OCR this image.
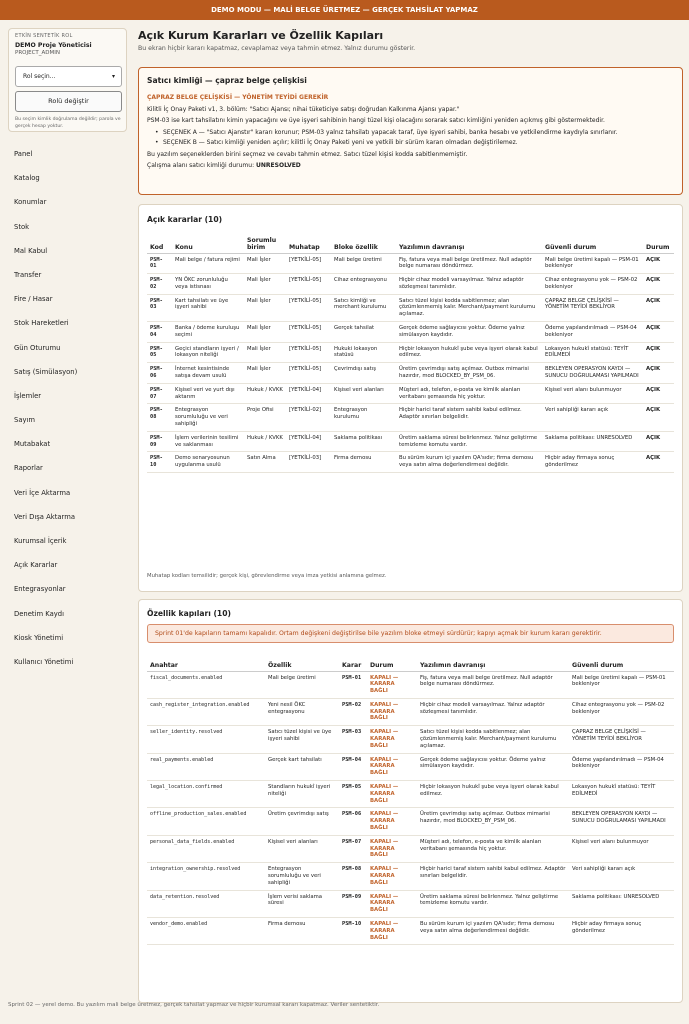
DEMO MODU — MALİ BELGE ÜRETMEZ — GERÇEK TAHSİLAT YAPMAZ
ETKİN SENTETİK ROL
DEMO Proje Yöneticisi
PROJECT_ADMIN
Rol seçin...	▾
Rolü değiştir
Bu seçim kimlik doğrulama değildir; parola ve gerçek hesap yoktur.
Panel
Katalog
Konumlar
Stok
Mal Kabul
Transfer
Fire / Hasar
Stok Hareketleri
Gün Oturumu
Satış (Simülasyon)
İşlemler
Sayım
Mutabakat
Raporlar
Veri İçe Aktarma
Veri Dışa Aktarma
Kurumsal İçerik
Açık Kararlar
Entegrasyonlar
Denetim Kaydı
Kiosk Yönetimi
Kullanıcı Yönetimi
Açık Kurum Kararları ve Özellik Kapıları
Bu ekran hiçbir kararı kapatmaz, cevaplamaz veya tahmin etmez. Yalnız durumu gösterir.
Satıcı kimliği — çapraz belge çelişkisi
ÇAPRAZ BELGE ÇELİŞKİSİ — YÖNETİM TEYİDİ GEREKİR
Kilitli İç Onay Paketi v1, 3. bölüm: "Satıcı Ajansı; nihai tüketiciye satışı doğrudan Kalkınma Ajansı yapar."
PSM-03 ise kart tahsilatını kimin yapacağını ve üye işyeri sahibinin hangi tüzel kişi olacağını sorarak satıcı kimliğini yeniden açıkmış gibi göstermektedir.
• SEÇENEK A — "Satıcı Ajanstır" kararı korunur; PSM-03 yalnız tahsilatı yapacak taraf, üye işyeri sahibi, banka hesabı ve yetkilendirme kaydıyla sınırlanır.
• SEÇENEK B — Satıcı kimliği yeniden açılır; kilitli İç Onay Paketi yeni ve yetkili bir sürüm kararı olmadan değiştirilemez.
Bu yazılım seçeneklerden birini seçmez ve cevabı tahmin etmez. Satıcı tüzel kişisi kodda sabitlenmemiştir.
Çalışma alanı satıcı kimliği durumu: UNRESOLVED
Açık kararlar (10)
Kod	Konu	Sorumlu birim	Muhatap	Bloke özellik	Yazılımın davranışı	Güvenli durum	Durum
PSM-01	Mali belge / fatura rejimi	Mali İşler	[YETKİLİ-05]	Mali belge üretimi	Fiş, fatura veya mali belge üretilmez. Null adaptör belge numarası döndürmez.	Mali belge üretimi kapalı — PSM-01 bekleniyor	AÇIK
PSM-02	YN ÖKC zorunluluğu veya istisnası	Mali İşler	[YETKİLİ-05]	Cihaz entegrasyonu	Hiçbir cihaz modeli varsayılmaz. Yalnız adaptör sözleşmesi tanımlıdır.	Cihaz entegrasyonu yok — PSM-02 bekleniyor	AÇIK
PSM-03	Kart tahsilatı ve üye işyeri sahibi	Mali İşler	[YETKİLİ-05]	Satıcı kimliği ve merchant kurulumu	Satıcı tüzel kişisi kodda sabitlenmez; alan çözümlenmemiş kalır. Merchant/payment kurulumu açılamaz.	ÇAPRAZ BELGE ÇELİŞKİSİ — YÖNETİM TEYİDİ BEKLİYOR	AÇIK
PSM-04	Banka / ödeme kuruluşu seçimi	Mali İşler	[YETKİLİ-05]	Gerçek tahsilat	Gerçek ödeme sağlayıcısı yoktur. Ödeme yalnız simülasyon kaydıdır.	Ödeme yapılandırılmadı — PSM-04 bekleniyor	AÇIK
PSM-05	Geçici standların işyeri / lokasyon niteliği	Mali İşler	[YETKİLİ-05]	Hukuki lokasyon statüsü	Hiçbir lokasyon hukukî şube veya işyeri olarak kabul edilmez.	Lokasyon hukukî statüsü: TEYİT EDİLMEDİ	AÇIK
PSM-06	İnternet kesintisinde satışa devam usulü	Mali İşler	[YETKİLİ-05]	Çevrimdışı satış	Üretim çevrimdışı satış açılmaz. Outbox mimarisi hazırdır, mod BLOCKED_BY_PSM_06.	BEKLEYEN OPERASYON KAYDI — SUNUCU DOĞRULAMASI YAPILMADI	AÇIK
PSM-07	Kişisel veri ve yurt dışı aktarım	Hukuk / KVKK	[YETKİLİ-04]	Kişisel veri alanları	Müşteri adı, telefon, e-posta ve kimlik alanları veritabanı şemasında hiç yoktur.	Kişisel veri alanı bulunmuyor	AÇIK
PSM-08	Entegrasyon sorumluluğu ve veri sahipliği	Proje Ofisi	[YETKİLİ-02]	Entegrasyon kurulumu	Hiçbir harici taraf sistem sahibi kabul edilmez. Adaptör sınırları belgelidir.	Veri sahipliği kararı açık	AÇIK
PSM-09	İşlem verilerinin tesilimi ve saklanması	Hukuk / KVKK	[YETKİLİ-04]	Saklama politikası	Üretim saklama süresi belirlenmez. Yalnız geliştirme temizleme komutu vardır.	Saklama politikası: UNRESOLVED	AÇIK
PSM-10	Demo senaryosunun uygulanma usulü	Satın Alma	[YETKİLİ-03]	Firma demosu	Bu sürüm kurum içi yazılım QA'sıdır; firma demosu veya satın alma değerlendirmesi değildir.	Hiçbir aday firmaya sonuç gönderilmez	AÇIK
Muhatap kodları temsilidir; gerçek kişi, görevlendirme veya imza yetkisi anlamına gelmez.
Özellik kapıları (10)
Sprint 01'de kapıların tamamı kapalıdır. Ortam değişkeni değiştirilse bile yazılım bloke etmeyi sürdürür; kapıyı açmak bir kurum kararı gerektirir.
Anahtar	Özellik	Karar	Durum	Yazılımın davranışı	Güvenli durum
fiscal_documents.enabled	Mali belge üretimi	PSM-01	KAPALI — KARARA BAĞLI	Fiş, fatura veya mali belge üretilmez. Null adaptör belge numarası döndürmez.	Mali belge üretimi kapalı — PSM-01 bekleniyor
cash_register_integration.enabled	Yeni nesil ÖKC entegrasyonu	PSM-02	KAPALI — KARARA BAĞLI	Hiçbir cihaz modeli varsayılmaz. Yalnız adaptör sözleşmesi tanımlıdır.	Cihaz entegrasyonu yok — PSM-02 bekleniyor
seller_identity.resolved	Satıcı tüzel kişisi ve üye işyeri sahibi	PSM-03	KAPALI — KARARA BAĞLI	Satıcı tüzel kişisi kodda sabitlenmez; alan çözümlenmemiş kalır. Merchant/payment kurulumu açılamaz.	ÇAPRAZ BELGE ÇELİŞKİSİ — YÖNETİM TEYİDİ BEKLİYOR
real_payments.enabled	Gerçek kart tahsilatı	PSM-04	KAPALI — KARARA BAĞLI	Gerçek ödeme sağlayıcısı yoktur. Ödeme yalnız simülasyon kaydıdır.	Ödeme yapılandırılmadı — PSM-04 bekleniyor
legal_location.confirmed	Standların hukukî işyeri niteliği	PSM-05	KAPALI — KARARA BAĞLI	Hiçbir lokasyon hukukî şube veya işyeri olarak kabul edilmez.	Lokasyon hukukî statüsü: TEYİT EDİLMEDİ
offline_production_sales.enabled	Üretim çevrimdışı satış	PSM-06	KAPALI — KARARA BAĞLI	Üretim çevrimdışı satış açılmaz. Outbox mimarisi hazırdır, mod BLOCKED_BY_PSM_06.	BEKLEYEN OPERASYON KAYDI — SUNUCU DOĞRULAMASI YAPILMADI
personal_data_fields.enabled	Kişisel veri alanları	PSM-07	KAPALI — KARARA BAĞLI	Müşteri adı, telefon, e-posta ve kimlik alanları veritabanı şemasında hiç yoktur.	Kişisel veri alanı bulunmuyor
integration_ownership.resolved	Entegrasyon sorumluluğu ve veri sahipliği	PSM-08	KAPALI — KARARA BAĞLI	Hiçbir harici taraf sistem sahibi kabul edilmez. Adaptör sınırları belgelidir.	Veri sahipliği kararı açık
data_retention.resolved	İşlem verisi saklama süresi	PSM-09	KAPALI — KARARA BAĞLI	Üretim saklama süresi belirlenmez. Yalnız geliştirme temizleme komutu vardır.	Saklama politikası: UNRESOLVED
vendor_demo.enabled	Firma demosu	PSM-10	KAPALI — KARARA BAĞLI	Bu sürüm kurum içi yazılım QA'sıdır; firma demosu veya satın alma değerlendirmesi değildir.	Hiçbir aday firmaya sonuç gönderilmez
Sprint 02 — yerel demo. Bu yazılım mali belge üretmez, gerçek tahsilat yapmaz ve hiçbir kurumsal kararı kapatmaz. Veriler sentetiktir.
